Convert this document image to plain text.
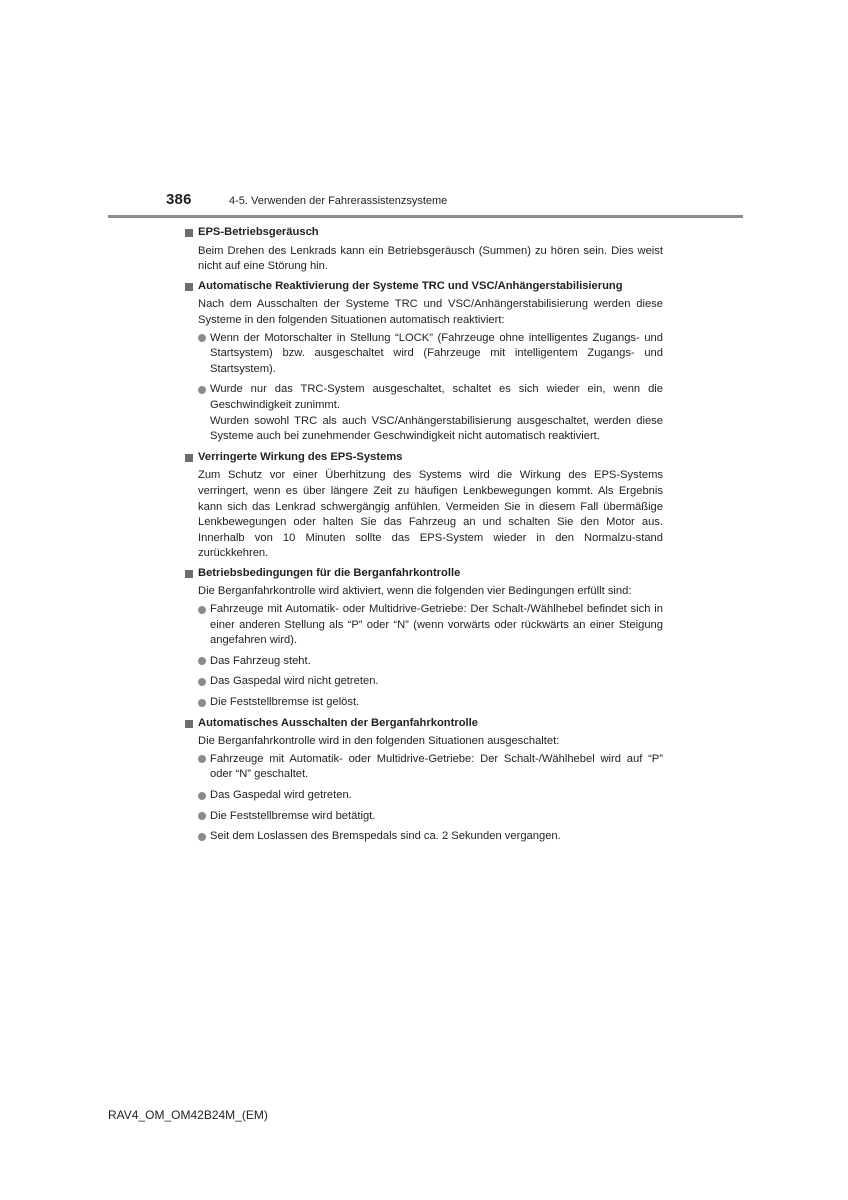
386	4-5. Verwenden der Fahrerassistenzsysteme
EPS-Betriebsgeräusch
Beim Drehen des Lenkrads kann ein Betriebsgeräusch (Summen) zu hören sein. Dies weist nicht auf eine Störung hin.
Automatische Reaktivierung der Systeme TRC und VSC/Anhängerstabilisierung
Nach dem Ausschalten der Systeme TRC und VSC/Anhängerstabilisierung werden diese Systeme in den folgenden Situationen automatisch reaktiviert:
Wenn der Motorschalter in Stellung “LOCK” (Fahrzeuge ohne intelligentes Zugangs- und Startsystem) bzw. ausgeschaltet wird (Fahrzeuge mit intelligentem Zugangs- und Startsystem).
Wurde nur das TRC-System ausgeschaltet, schaltet es sich wieder ein, wenn die Geschwindigkeit zunimmt.
Wurden sowohl TRC als auch VSC/Anhängerstabilisierung ausgeschaltet, werden diese Systeme auch bei zunehmender Geschwindigkeit nicht automatisch reaktiviert.
Verringerte Wirkung des EPS-Systems
Zum Schutz vor einer Überhitzung des Systems wird die Wirkung des EPS-Systems verringert, wenn es über längere Zeit zu häufigen Lenkbewegungen kommt. Als Ergebnis kann sich das Lenkrad schwergängig anfühlen. Vermeiden Sie in diesem Fall übermäßige Lenkbewegungen oder halten Sie das Fahrzeug an und schalten Sie den Motor aus. Innerhalb von 10 Minuten sollte das EPS-System wieder in den Normalzu-stand zurückkehren.
Betriebsbedingungen für die Berganfahrkontrolle
Die Berganfahrkontrolle wird aktiviert, wenn die folgenden vier Bedingungen erfüllt sind:
Fahrzeuge mit Automatik- oder Multidrive-Getriebe: Der Schalt-/Wählhebel befindet sich in einer anderen Stellung als “P” oder “N” (wenn vorwärts oder rückwärts an einer Steigung angefahren wird).
Das Fahrzeug steht.
Das Gaspedal wird nicht getreten.
Die Feststellbremse ist gelöst.
Automatisches Ausschalten der Berganfahrkontrolle
Die Berganfahrkontrolle wird in den folgenden Situationen ausgeschaltet:
Fahrzeuge mit Automatik- oder Multidrive-Getriebe: Der Schalt-/Wählhebel wird auf “P” oder “N” geschaltet.
Das Gaspedal wird getreten.
Die Feststellbremse wird betätigt.
Seit dem Loslassen des Bremspedals sind ca. 2 Sekunden vergangen.
RAV4_OM_OM42B24M_(EM)
